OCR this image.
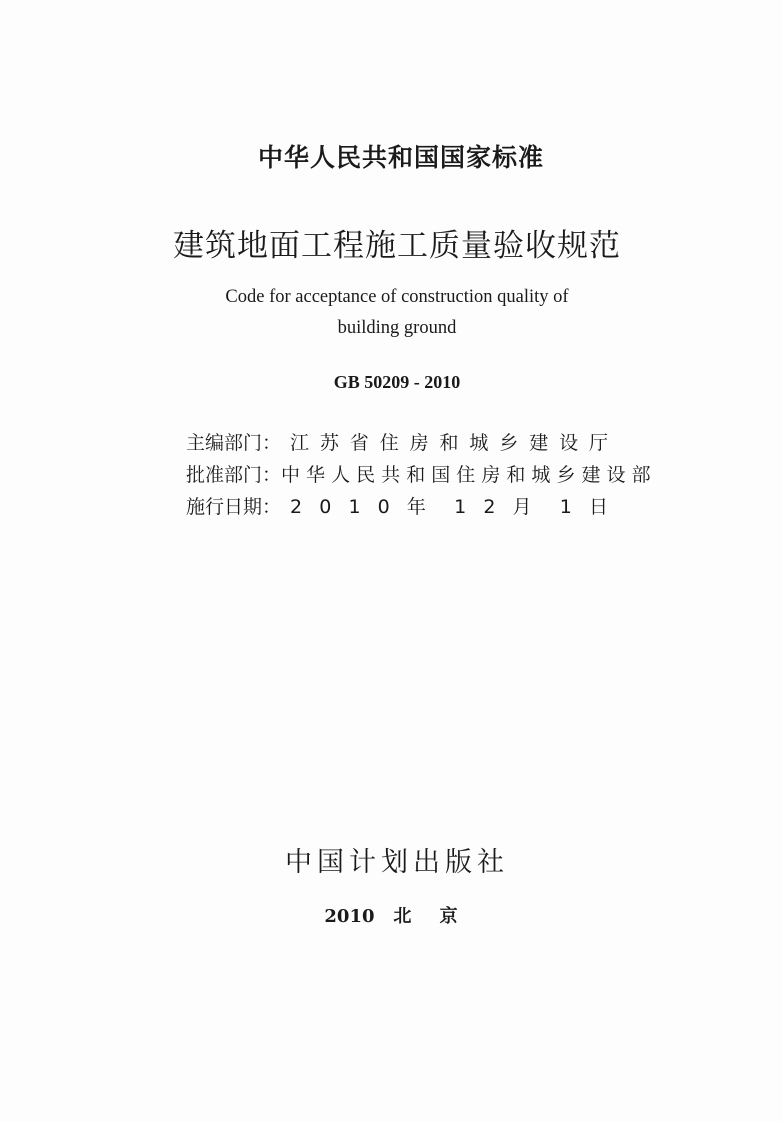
中华人民共和国国家标准
建筑地面工程施工质量验收规范
Code for acceptance of construction quality of
building ground
GB 50209 - 2010
主编部门： 江 苏 省 住 房 和 城 乡 建 设 厅
批准部门： 中 华 人 民 共 和 国 住 房 和 城 乡 建 设 部
施行日期： 2 0 1 0 年 1 2 月 1 日
中国计划出版社
2010 北 京
